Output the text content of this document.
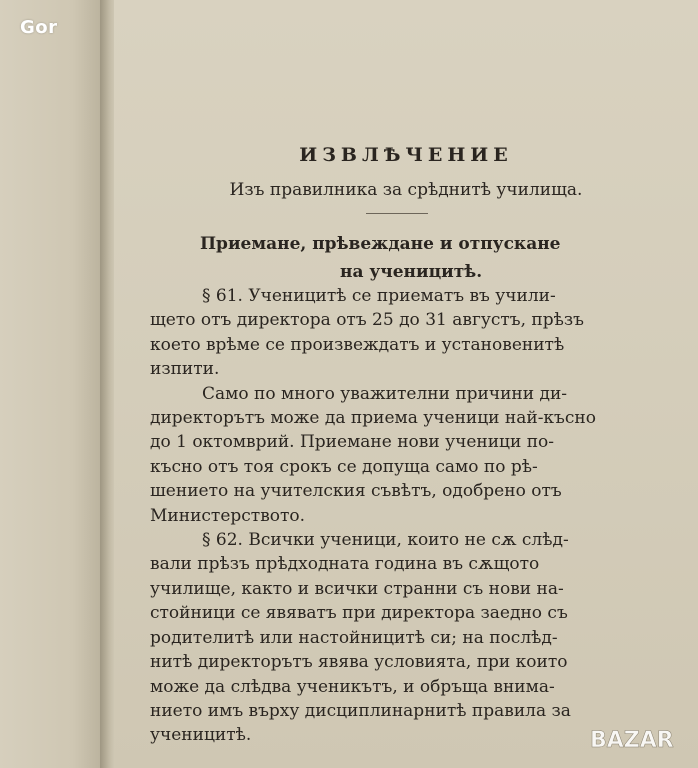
Gor
ИЗВЛѢЧЕНИЕ
Изъ правилника за срѣднитѣ училища.
Приемане, прѣвеждане и отпускане
на ученицитѣ.
§ 61. Ученицитѣ се приематъ въ учили-
щето отъ директора отъ 25 до 31 августъ, прѣзъ
което врѣме се произвеждатъ и установенитѣ
изпити.
Само по много уважителни причини ди-
директорътъ може да приема ученици най-късно
до 1 октомврий. Приемане нови ученици по-
късно отъ тоя срокъ се допуща само по рѣ-
шението на учителския съвѣтъ, одобрено отъ
Министерството.
§ 62. Всички ученици, които не сѫ слѣд-
вали прѣзъ прѣдходната година въ сѫщото
училище, както и всички странни съ нови на-
стойници се явяватъ при директора заедно съ
родителитѣ или настойницитѣ си; на послѣд-
нитѣ директорътъ явява условията, при които
може да слѣдва ученикътъ, и обръща внима-
нието имъ върху дисциплинарнитѣ правила за
ученицитѣ.	BAZAR
